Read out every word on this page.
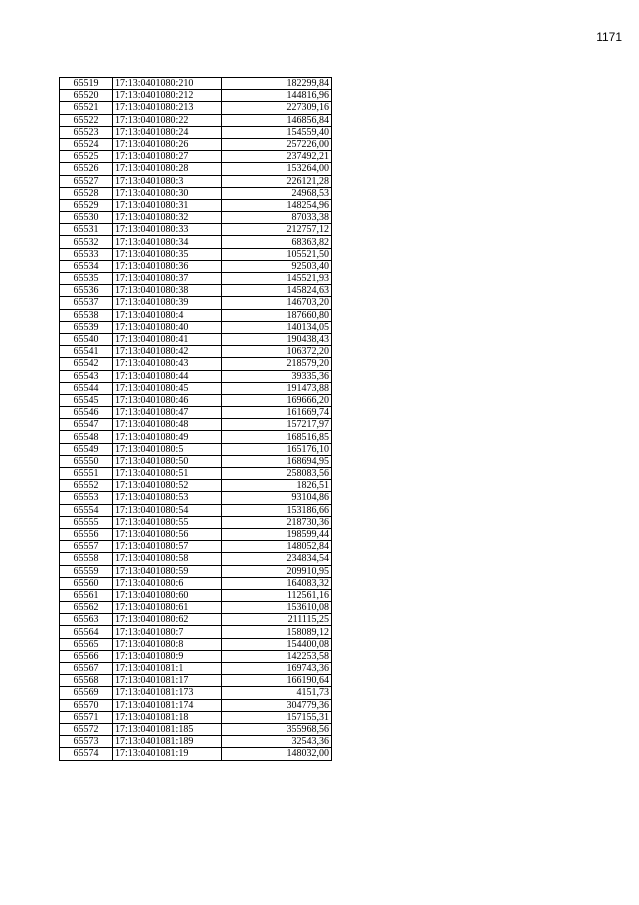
1171
65519	17:13:0401080:210	182299,84
65520	17:13:0401080:212	144816,96
65521	17:13:0401080:213	227309,16
65522	17:13:0401080:22	146856,84
65523	17:13:0401080:24	154559,40
65524	17:13:0401080:26	257226,00
65525	17:13:0401080:27	237492,21
65526	17:13:0401080:28	153264,00
65527	17:13:0401080:3	226121,28
65528	17:13:0401080:30	24968,53
65529	17:13:0401080:31	148254,96
65530	17:13:0401080:32	87033,38
65531	17:13:0401080:33	212757,12
65532	17:13:0401080:34	68363,82
65533	17:13:0401080:35	105521,50
65534	17:13:0401080:36	92503,40
65535	17:13:0401080:37	145521,93
65536	17:13:0401080:38	145824,63
65537	17:13:0401080:39	146703,20
65538	17:13:0401080:4	187660,80
65539	17:13:0401080:40	140134,05
65540	17:13:0401080:41	190438,43
65541	17:13:0401080:42	106372,20
65542	17:13:0401080:43	218579,20
65543	17:13:0401080:44	39335,36
65544	17:13:0401080:45	191473,88
65545	17:13:0401080:46	169666,20
65546	17:13:0401080:47	161669,74
65547	17:13:0401080:48	157217,97
65548	17:13:0401080:49	168516,85
65549	17:13:0401080:5	165176,10
65550	17:13:0401080:50	168694,95
65551	17:13:0401080:51	258083,56
65552	17:13:0401080:52	1826,51
65553	17:13:0401080:53	93104,86
65554	17:13:0401080:54	153186,66
65555	17:13:0401080:55	218730,36
65556	17:13:0401080:56	198599,44
65557	17:13:0401080:57	148052,84
65558	17:13:0401080:58	234834,54
65559	17:13:0401080:59	209910,95
65560	17:13:0401080:6	164083,32
65561	17:13:0401080:60	112561,16
65562	17:13:0401080:61	153610,08
65563	17:13:0401080:62	211115,25
65564	17:13:0401080:7	158089,12
65565	17:13:0401080:8	154400,08
65566	17:13:0401080:9	142253,58
65567	17:13:0401081:1	169743,36
65568	17:13:0401081:17	166190,64
65569	17:13:0401081:173	4151,73
65570	17:13:0401081:174	304779,36
65571	17:13:0401081:18	157155,31
65572	17:13:0401081:185	355968,56
65573	17:13:0401081:189	32543,36
65574	17:13:0401081:19	148032,00
